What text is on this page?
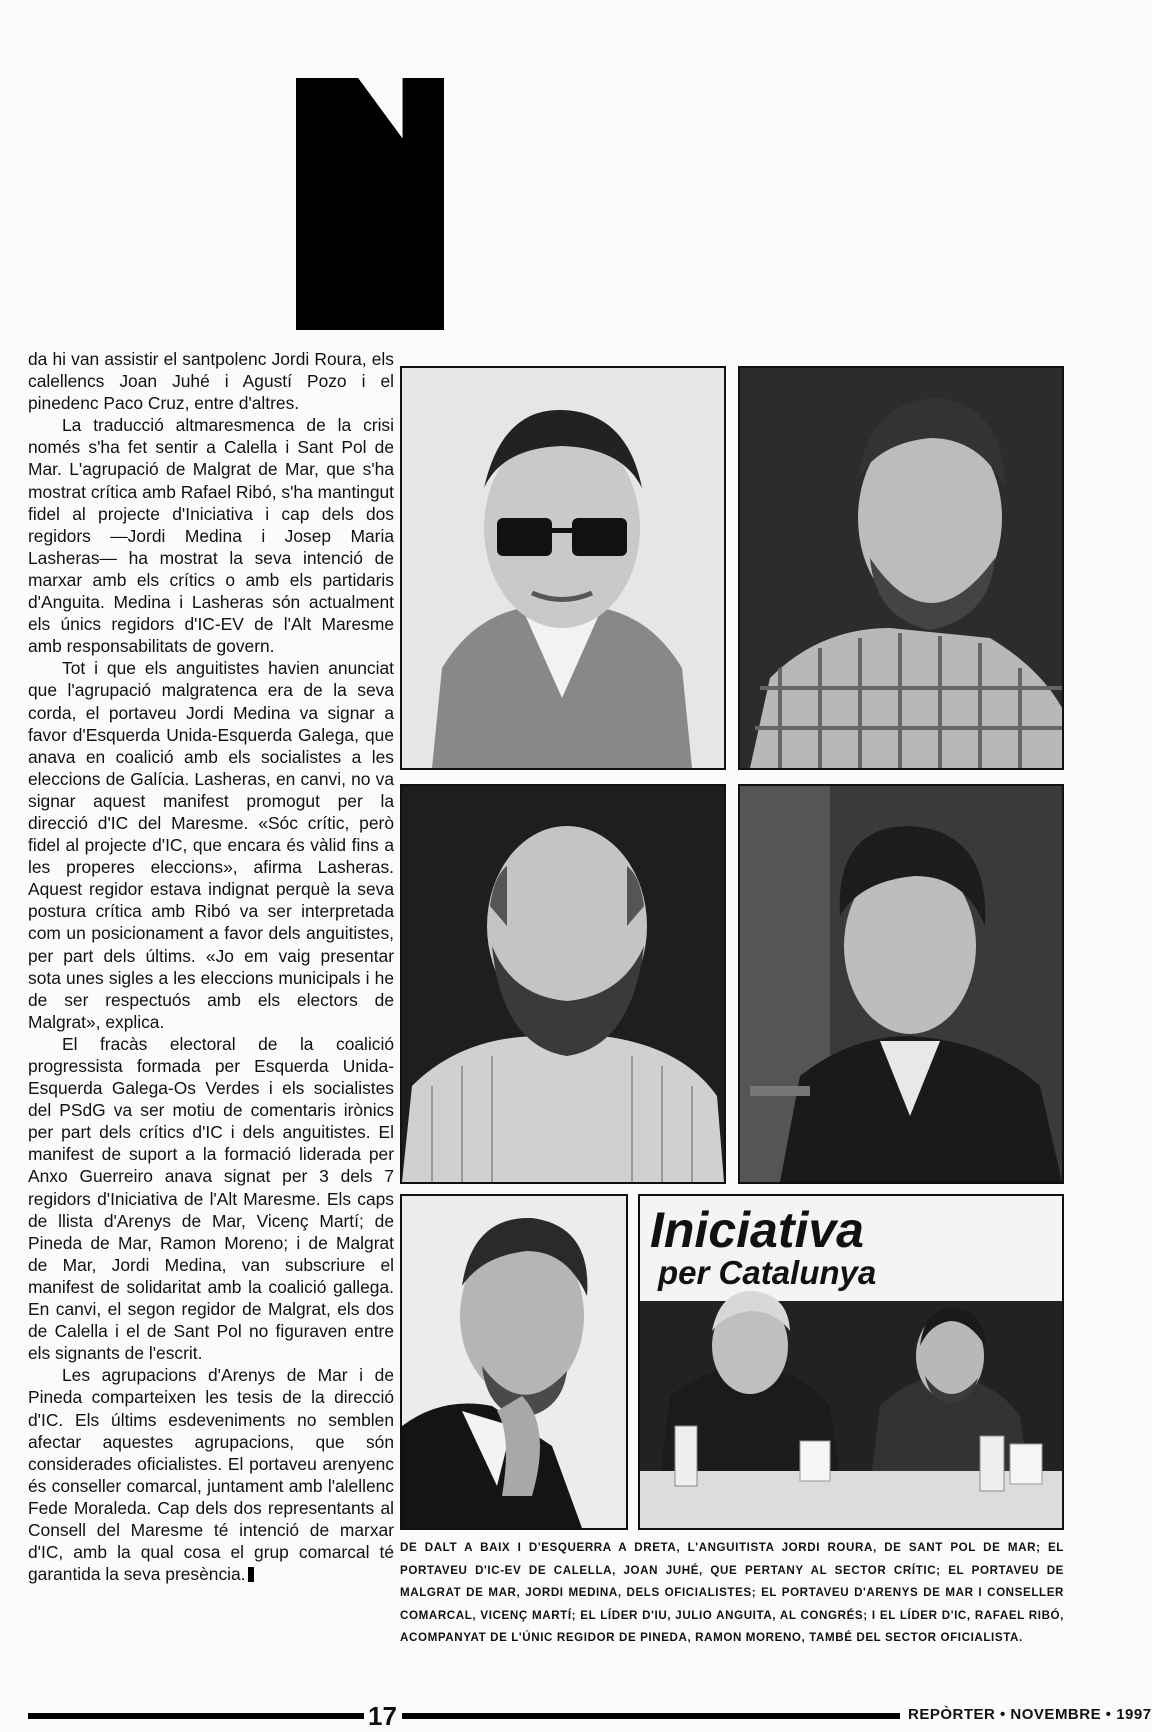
da hi van assistir el santpolenc Jordi Roura, els calellencs Joan Juhé i Agustí Pozo i el pinedenc Paco Cruz, entre d'altres.

La traducció altmaresmenca de la crisi només s'ha fet sentir a Calella i Sant Pol de Mar. L'agrupació de Malgrat de Mar, que s'ha mostrat crítica amb Rafael Ribó, s'ha mantingut fidel al projecte d'Iniciativa i cap dels dos regidors —Jordi Medina i Josep Maria Lasheras— ha mostrat la seva intenció de marxar amb els crítics o amb els partidaris d'Anguita. Medina i Lasheras són actualment els únics regidors d'IC-EV de l'Alt Maresme amb responsabilitats de govern.

Tot i que els anguitistes havien anunciat que l'agrupació malgratenca era de la seva corda, el portaveu Jordi Medina va signar a favor d'Esquerda Unida-Esquerda Galega, que anava en coalició amb els socialistes a les eleccions de Galícia. Lasheras, en canvi, no va signar aquest manifest promogut per la direcció d'IC del Maresme. «Sóc crític, però fidel al projecte d'IC, que encara és vàlid fins a les properes eleccions», afirma Lasheras. Aquest regidor estava indignat perquè la seva postura crítica amb Ribó va ser interpretada com un posicionament a favor dels anguitistes, per part dels últims. «Jo em vaig presentar sota unes sigles a les eleccions municipals i he de ser respectuós amb els electors de Malgrat», explica.

El fracàs electoral de la coalició progressista formada per Esquerda Unida-Esquerda Galega-Os Verdes i els socialistes del PSdG va ser motiu de comentaris irònics per part dels crítics d'IC i dels anguitistes. El manifest de suport a la formació liderada per Anxo Guerreiro anava signat per 3 dels 7 regidors d'Iniciativa de l'Alt Maresme. Els caps de llista d'Arenys de Mar, Vicenç Martí; de Pineda de Mar, Ramon Moreno; i de Malgrat de Mar, Jordi Medina, van subscriure el manifest de solidaritat amb la coalició gallega. En canvi, el segon regidor de Malgrat, els dos de Calella i el de Sant Pol no figuraven entre els signants de l'escrit.

Les agrupacions d'Arenys de Mar i de Pineda comparteixen les tesis de la direcció d'IC. Els últims esdeveniments no semblen afectar aquestes agrupacions, que són considerades oficialistes. El portaveu arenyenc és conseller comarcal, juntament amb l'alellenc Fede Moraleda. Cap dels dos representants al Consell del Maresme té intenció de marxar d'IC, amb la qual cosa el grup comarcal té garantida la seva presència.

Iniciativa
per Catalunya
DE DALT A BAIX I D'ESQUERRA A DRETA, L'ANGUITISTA JORDI ROURA, DE SANT POL DE MAR; EL PORTAVEU D'IC-EV DE CALELLA, JOAN JUHÉ, QUE PERTANY AL SECTOR CRÍTIC; EL PORTAVEU DE MALGRAT DE MAR, JORDI MEDINA, DELS OFICIALISTES; EL PORTAVEU D'ARENYS DE MAR I CONSELLER COMARCAL, VICENÇ MARTÍ; EL LÍDER D'IU, JULIO ANGUITA, AL CONGRÉS; I EL LÍDER D'IC, RAFAEL RIBÓ, ACOMPANYAT DE L'ÚNIC REGIDOR DE PINEDA, RAMON MORENO, TAMBÉ DEL SECTOR OFICIALISTA.
17	REPÒRTER • NOVEMBRE • 1997
